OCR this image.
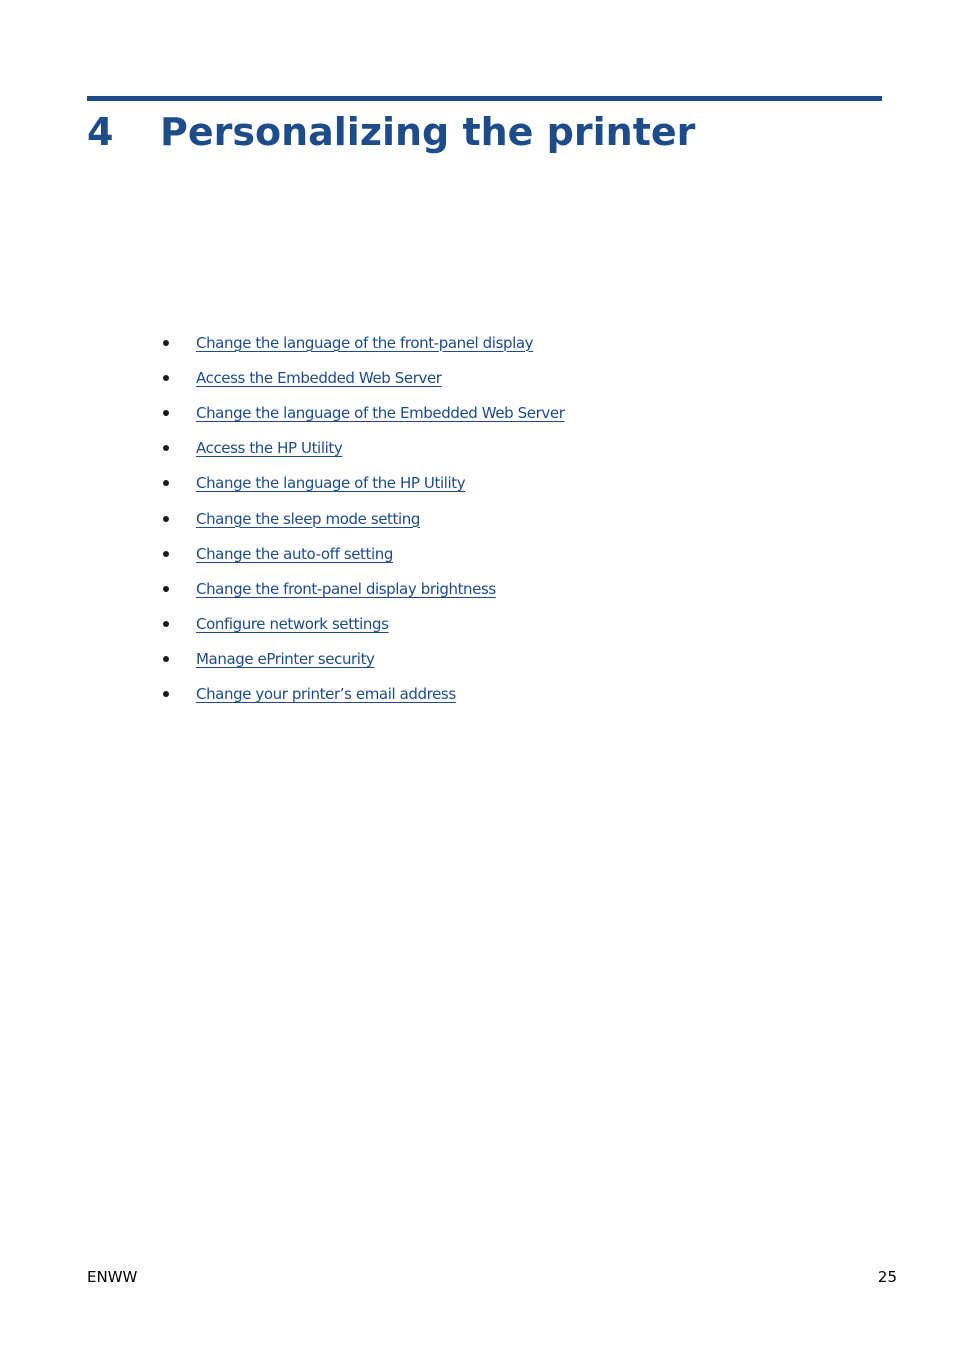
4	Personalizing the printer
Change the language of the front-panel display
Access the Embedded Web Server
Change the language of the Embedded Web Server
Access the HP Utility
Change the language of the HP Utility
Change the sleep mode setting
Change the auto-off setting
Change the front-panel display brightness
Configure network settings
Manage ePrinter security
Change your printer’s email address
ENWW	25
